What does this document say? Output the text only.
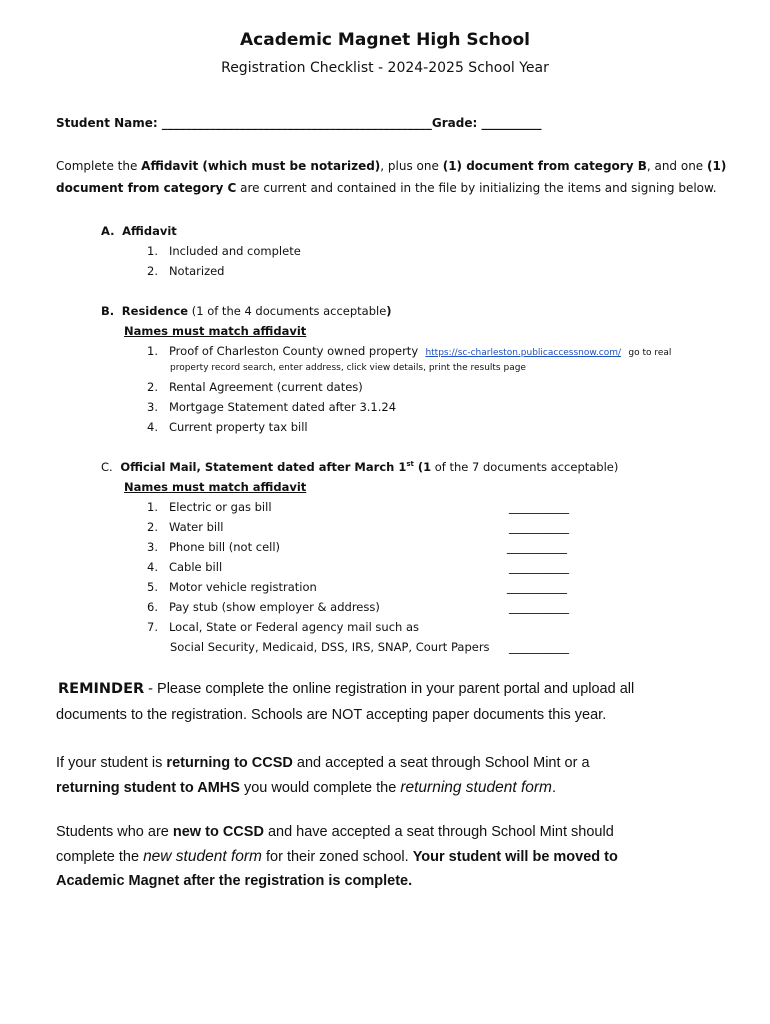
Academic Magnet High School
Registration Checklist - 2024-2025 School Year
Student Name: _____________________________________________Grade: __________
Complete the Affidavit (which must be notarized), plus one (1) document from category B, and one (1)
document from category C are current and contained in the file by initializing the items and signing below.
A. Affidavit
1.   Included and complete
2.   Notarized
B. Residence (1 of the 4 documents acceptable)
Names must match affidavit
1.   Proof of Charleston County owned property https://sc-charleston.publicaccessnow.com/ go to real
property record search, enter address, click view details, print the results page
2.   Rental Agreement (current dates)
3.   Mortgage Statement dated after 3.1.24
4.   Current property tax bill
C. Official Mail, Statement dated after March 1st (1 of the 7 documents acceptable)
Names must match affidavit
1.   Electric or gas bill	__________
2.   Water bill	__________
3.   Phone bill (not cell)	__________
4.   Cable bill	__________
5.   Motor vehicle registration	__________
6.   Pay stub (show employer & address)	__________
7.   Local, State or Federal agency mail such as
Social Security, Medicaid, DSS, IRS, SNAP, Court Papers __________
REMINDER - Please complete the online registration in your parent portal and upload all
documents to the registration. Schools are NOT accepting paper documents this year.
If your student is returning to CCSD and accepted a seat through School Mint or a
returning student to AMHS you would complete the returning student form.
Students who are new to CCSD and have accepted a seat through School Mint should
complete the new student form for their zoned school. Your student will be moved to
Academic Magnet after the registration is complete.
